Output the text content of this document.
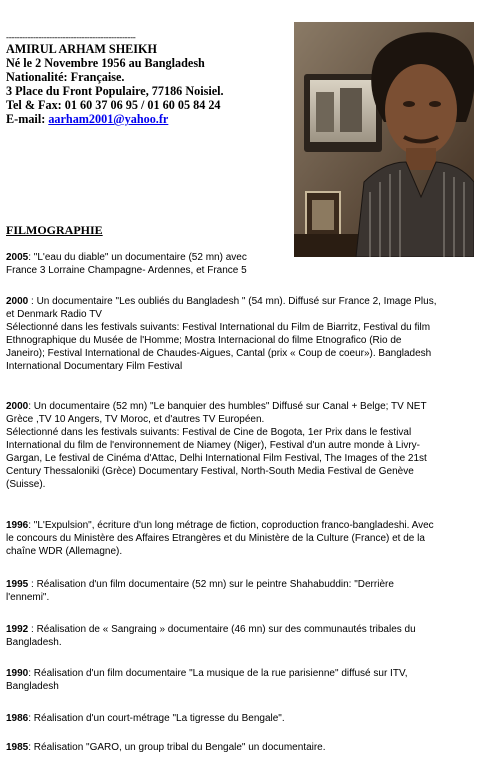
------------------------------------------------
AMIRUL ARHAM SHEIKH
Né le 2 Novembre 1956 au Bangladesh
Nationalité: Française.
3 Place du Front Populaire, 77186 Noisiel.
Tel & Fax: 01 60 37 06 95 / 01 60 05 84 24
E-mail: aarham2001@yahoo.fr
FILMOGRAPHIE
2005: "L'eau du diable" un documentaire (52 mn) avec
France 3 Lorraine Champagne- Ardennes, et France 5
2000 : Un documentaire "Les oubliés du Bangladesh " (54 mn). Diffusé sur France 2, Image Plus,
et Denmark Radio TV
Sélectionné dans les festivals suivants: Festival International du Film de Biarritz, Festival du film
Ethnographique du Musée de l'Homme; Mostra Internacional do filme Etnografico (Rio de
Janeiro); Festival International de Chaudes-Aigues, Cantal (prix « Coup de coeur»). Bangladesh
International Documentary Film Festival
2000: Un documentaire (52 mn) "Le banquier des humbles" Diffusé sur Canal + Belge; TV NET
Grèce ,TV 10 Angers, TV Moroc, et d'autres TV Européen.
Sélectionné dans les festivals suivants: Festival de Cine de Bogota, 1er Prix dans le festival
International du film de l'environnement de Niamey (Niger), Festival d'un autre monde à Livry-
Gargan, Le festival de Cinéma d'Attac, Delhi International Film Festival, The Images of the 21st
Century Thessaloniki (Grèce) Documentary Festival, North-South Media Festival de Genève
(Suisse).
1996: "L'Expulsion", écriture d'un long métrage de fiction, coproduction franco-bangladeshi. Avec
le concours du Ministère des Affaires Etrangères et du Ministère de la Culture (France) et de la
chaîne WDR (Allemagne).
1995 : Réalisation d'un film documentaire (52 mn) sur le peintre Shahabuddin: "Derrière
l'ennemi".
1992 : Réalisation de « Sangraing » documentaire (46 mn) sur des communautés tribales du
Bangladesh.
1990: Réalisation d'un film documentaire "La musique de la rue parisienne" diffusé sur ITV,
Bangladesh
1986: Réalisation d'un court-métrage "La tigresse du Bengale".
1985: Réalisation "GARO, un group tribal du Bengale" un documentaire.
